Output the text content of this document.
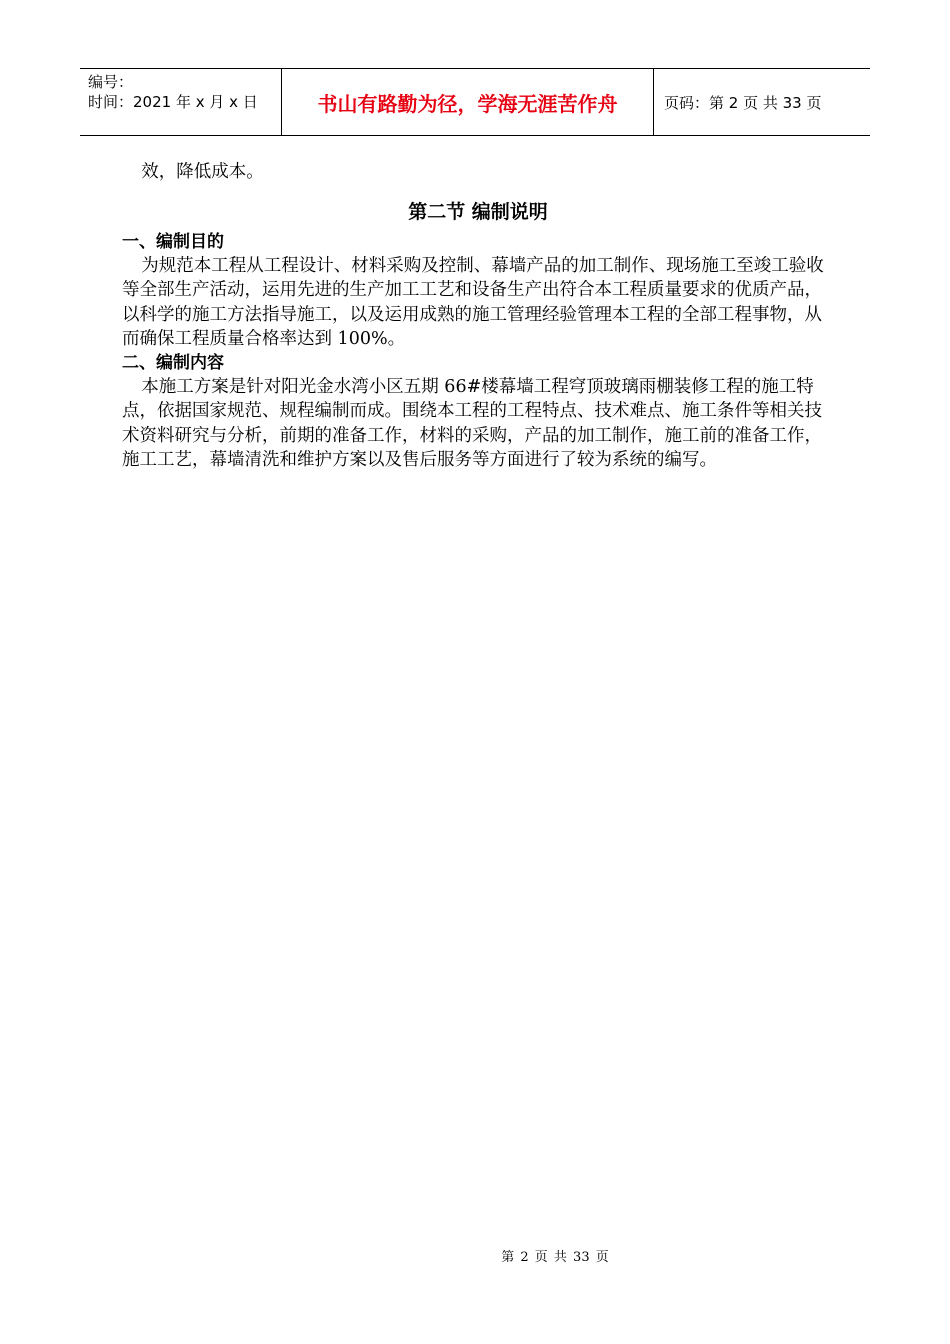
编号：
时间：2021 年 x 月 x 日	书山有路勤为径，学海无涯苦作舟	页码：第 2 页 共 33 页

效，降低成本。

第二节 编制说明

一、编制目的

为规范本工程从工程设计、材料采购及控制、幕墙产品的加工制作、现场施工至竣工验收等全部生产活动，运用先进的生产加工工艺和设备生产出符合本工程质量要求的优质产品，以科学的施工方法指导施工，以及运用成熟的施工管理经验管理本工程的全部工程事物，从而确保工程质量合格率达到 100%。

二、编制内容

本施工方案是针对阳光金水湾小区五期 66#楼幕墙工程穹顶玻璃雨棚装修工程的施工特点，依据国家规范、规程编制而成。围绕本工程的工程特点、技术难点、施工条件等相关技术资料研究与分析，前期的准备工作，材料的采购，产品的加工制作，施工前的准备工作，施工工艺，幕墙清洗和维护方案以及售后服务等方面进行了较为系统的编写。

第 2 页 共 33 页
